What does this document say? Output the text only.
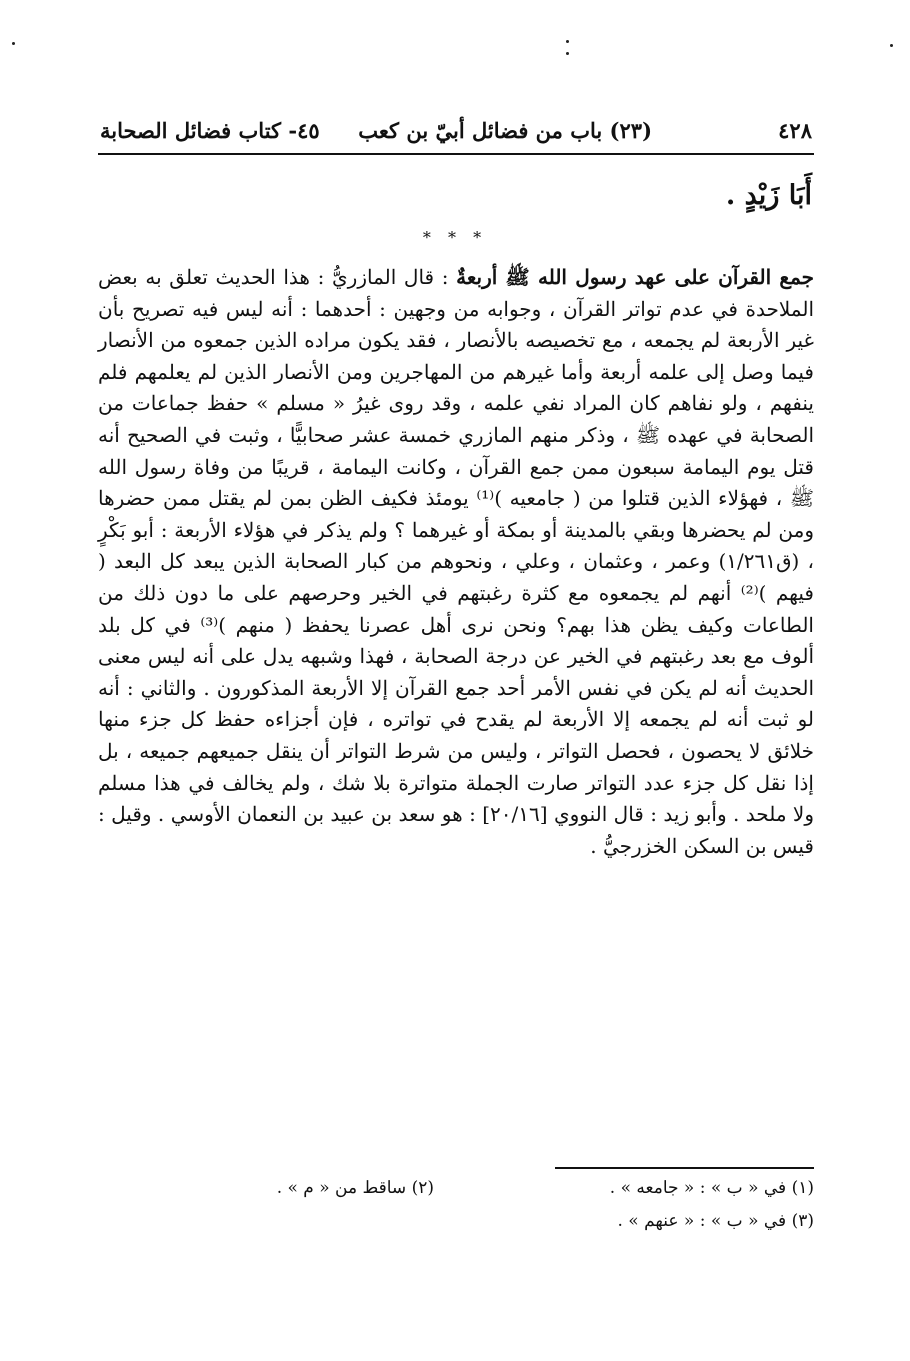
٤٢٨
(٢٣) باب من فضائل أبيّ بن كعب
٤٥- كتاب فضائل الصحابة
أَبَا زَيْدٍ .
* * *
جمع القرآن على عهد رسول الله ﷺ أربعةٌ : قال المازريُّ : هذا الحديث تعلق به بعض الملاحدة في عدم تواتر القرآن ، وجوابه من وجهين : أحدهما : أنه ليس فيه تصريح بأن غير الأربعة لم يجمعه ، مع تخصيصه بالأنصار ، فقد يكون مراده الذين جمعوه من الأنصار فيما وصل إلى علمه أربعة وأما غيرهم من المهاجرين ومن الأنصار الذين لم يعلمهم فلم ينفهم ، ولو نفاهم كان المراد نفي علمه ، وقد روى غيرُ « مسلم » حفظ جماعات من الصحابة في عهده ﷺ ، وذكر منهم المازري خمسة عشر صحابيًّا ، وثبت في الصحيح أنه قتل يوم اليمامة سبعون ممن جمع القرآن ، وكانت اليمامة ، قريبًا من وفاة رسول الله ﷺ ، فهؤلاء الذين قتلوا من ( جامعيه )⁽¹⁾ يومئذ فكيف الظن بمن لم يقتل ممن حضرها ومن لم يحضرها وبقي بالمدينة أو بمكة أو غيرهما ؟ ولم يذكر في هؤلاء الأربعة : أبو بَكْرٍ ، (ق١/٢٦١) وعمر ، وعثمان ، وعلي ، ونحوهم من كبار الصحابة الذين يبعد كل البعد ( فيهم )⁽²⁾ أنهم لم يجمعوه مع كثرة رغبتهم في الخير وحرصهم على ما دون ذلك من الطاعات وكيف يظن هذا بهم؟ ونحن نرى أهل عصرنا يحفظ ( منهم )⁽³⁾ في كل بلد ألوف مع بعد رغبتهم في الخير عن درجة الصحابة ، فهذا وشبهه يدل على أنه ليس معنى الحديث أنه لم يكن في نفس الأمر أحد جمع القرآن إلا الأربعة المذكورون . والثاني : أنه لو ثبت أنه لم يجمعه إلا الأربعة لم يقدح في تواتره ، فإن أجزاءه حفظ كل جزء منها خلائق لا يحصون ، فحصل التواتر ، وليس من شرط التواتر أن ينقل جميعهم جميعه ، بل إذا نقل كل جزء عدد التواتر صارت الجملة متواترة بلا شك ، ولم يخالف في هذا مسلم ولا ملحد . وأبو زيد : قال النووي [٢٠/١٦] : هو سعد بن عبيد بن النعمان الأوسي . وقيل : قيس بن السكن الخزرجيُّ .
(١) في « ب » : « جامعه » .
(٢) ساقط من « م » .
(٣) في « ب » : « عنهم » .
